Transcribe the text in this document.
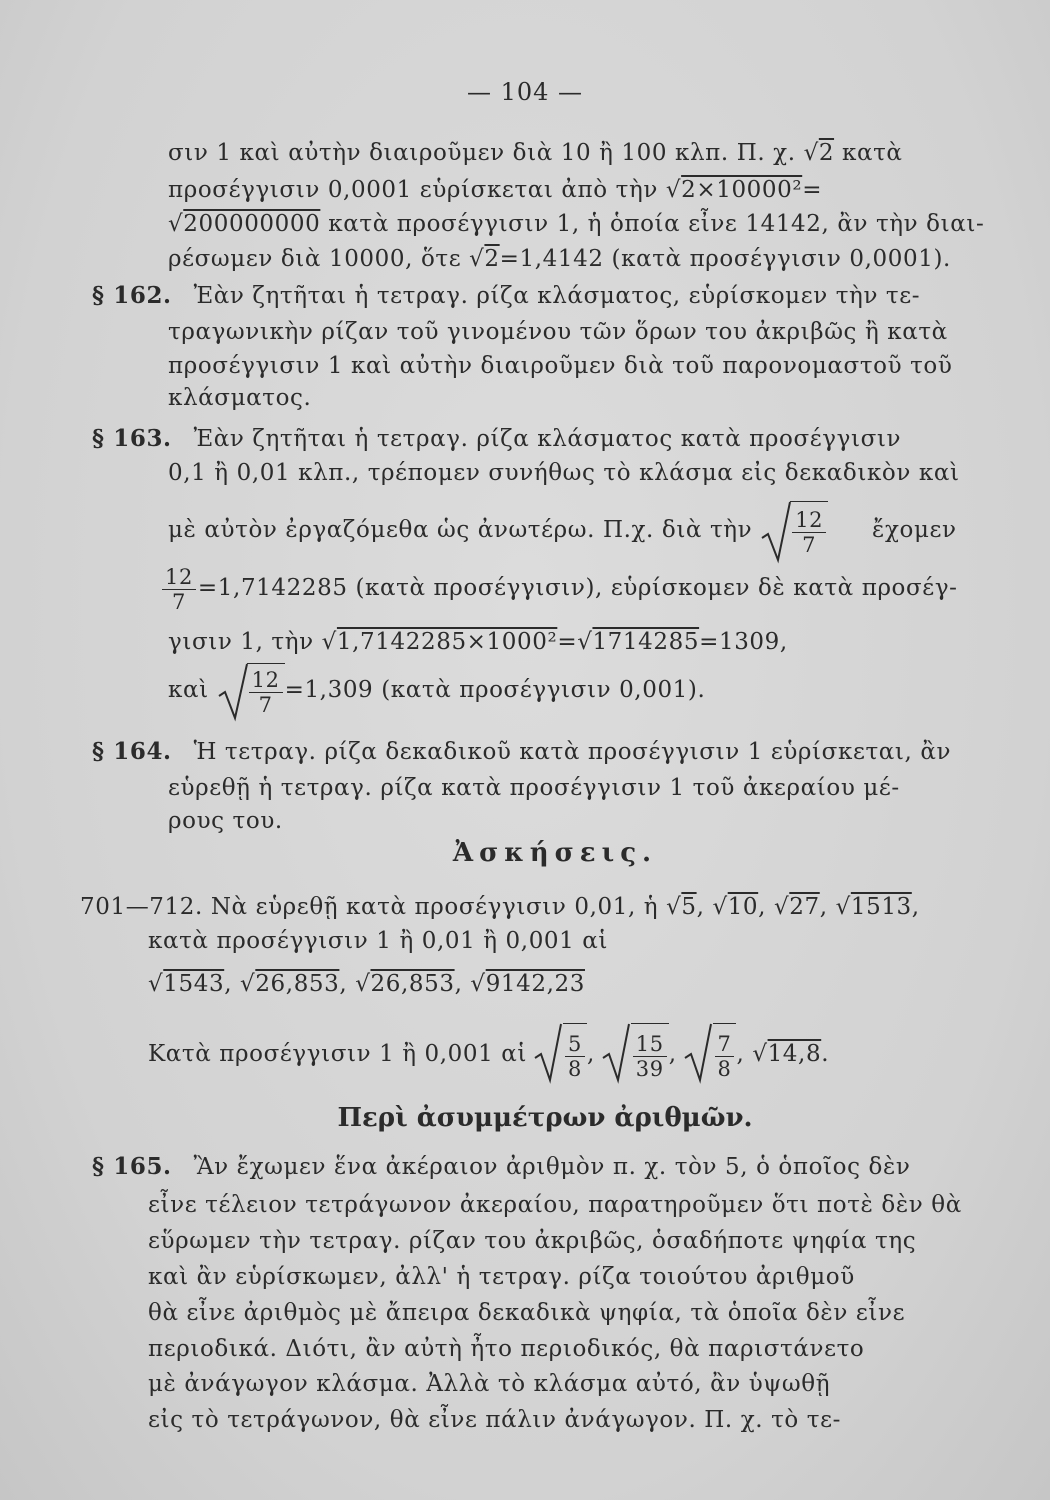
— 104 —
σιν 1 καὶ αὐτὴν διαιροῦμεν διὰ 10 ἢ 100 κλπ. Π. χ. √2 κατὰ
προσέγγισιν 0,0001 εὑρίσκεται ἀπὸ τὴν √2×10000²=
√200000000 κατὰ προσέγγισιν 1, ἡ ὁποία εἶνε 14142, ἂν τὴν διαι-
ρέσωμεν διὰ 10000, ὅτε √2=1,4142 (κατὰ προσέγγισιν 0,0001).
§ 162. Ἐὰν ζητῆται ἡ τετραγ. ρίζα κλάσματος, εὑρίσκομεν τὴν τε-
τραγωνικὴν ρίζαν τοῦ γινομένου τῶν ὅρων του ἀκριβῶς ἢ κατὰ
προσέγγισιν 1 καὶ αὐτὴν διαιροῦμεν διὰ τοῦ παρονομαστοῦ τοῦ
κλάσματος.
§ 163. Ἐὰν ζητῆται ἡ τετραγ. ρίζα κλάσματος κατὰ προσέγγισιν
0,1 ἢ 0,01 κλπ., τρέπομεν συνήθως τὸ κλάσμα εἰς δεκαδικὸν καὶ
μὲ αὐτὸν ἐργαζόμεθα ὡς ἀνωτέρω. Π.χ. διὰ τὴν $\frac{12}{7}$ ἔχομεν
$\frac{12}{7} =1,7142285$ (κατὰ προσέγγισιν), εὑρίσκομεν δὲ κατὰ προσέγ-
γισιν 1, τὴν √1,7142285×1000²=√1714285=1309,
καὶ $\frac{12}{7} =1,309$ (κατὰ προσέγγισιν 0,001).
§ 164. Ἡ τετραγ. ρίζα δεκαδικοῦ κατὰ προσέγγισιν 1 εὑρίσκεται, ἂν
εὑρεθῇ ἡ τετραγ. ρίζα κατὰ προσέγγισιν 1 τοῦ ἀκεραίου μέ-
ρους του.
Ἀσκήσεις.
701—712. Νὰ εὑρεθῇ κατὰ προσέγγισιν 0,01, ἡ √5, √10, √27, √1513,
κατὰ προσέγγισιν 1 ἢ 0,01 ἢ 0,001 αἱ
√1543, √26,853, √26,853, √9142,23
Κατὰ προσέγγισιν 1 ἢ 0,001 αἱ $\frac{5}{8}$ , $\frac{15}{39}$ , $\frac{7}{8}$ , √14,8.
Περὶ ἀσυμμέτρων ἀριθμῶν.
§ 165. Ἂν ἔχωμεν ἕνα ἀκέραιον ἀριθμὸν π. χ. τὸν 5, ὁ ὁποῖος δὲν
εἶνε τέλειον τετράγωνον ἀκεραίου, παρατηροῦμεν ὅτι ποτὲ δὲν θὰ
εὕρωμεν τὴν τετραγ. ρίζαν του ἀκριβῶς, ὁσαδήποτε ψηφία της
καὶ ἂν εὑρίσκωμεν, ἀλλ' ἡ τετραγ. ρίζα τοιούτου ἀριθμοῦ
θὰ εἶνε ἀριθμὸς μὲ ἄπειρα δεκαδικὰ ψηφία, τὰ ὁποῖα δὲν εἶνε
περιοδικά. Διότι, ἂν αὐτὴ ἦτο περιοδικός, θὰ παριστάνετο
μὲ ἀνάγωγον κλάσμα. Ἀλλὰ τὸ κλάσμα αὐτό, ἂν ὑψωθῇ
εἰς τὸ τετράγωνον, θὰ εἶνε πάλιν ἀνάγωγον. Π. χ. τὸ τε-
